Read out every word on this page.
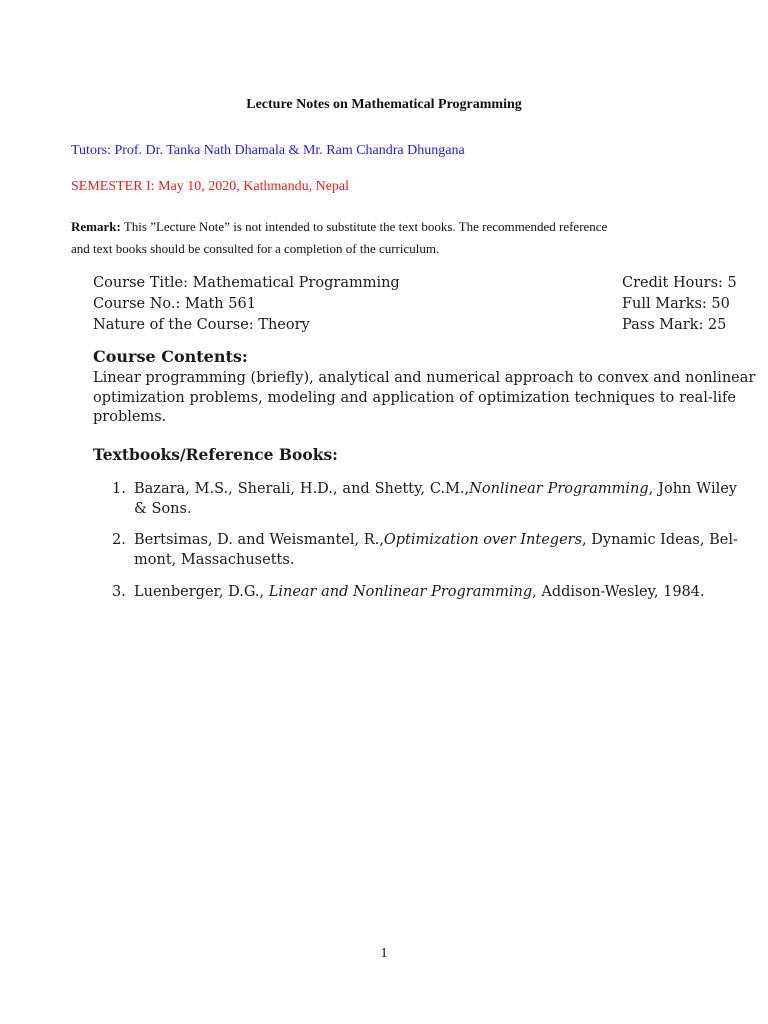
Lecture Notes on Mathematical Programming
Tutors: Prof. Dr. Tanka Nath Dhamala & Mr. Ram Chandra Dhungana
SEMESTER I: May 10, 2020, Kathmandu, Nepal
Remark: This ”Lecture Note” is not intended to substitute the text books. The recommended reference
and text books should be consulted for a completion of the curriculum.
Course Title: Mathematical Programming	Credit Hours: 5
Course No.: Math 561	Full Marks: 50
Nature of the Course: Theory	Pass Mark: 25
Course Contents:
Linear programming (briefly), analytical and numerical approach to convex and nonlinear
optimization problems, modeling and application of optimization techniques to real-life
problems.
Textbooks/Reference Books:
1. Bazara, M.S., Sherali, H.D., and Shetty, C.M.,Nonlinear Programming, John Wiley
& Sons.
2. Bertsimas, D. and Weismantel, R.,Optimization over Integers, Dynamic Ideas, Bel-
mont, Massachusetts.
3. Luenberger, D.G., Linear and Nonlinear Programming, Addison-Wesley, 1984.
1
